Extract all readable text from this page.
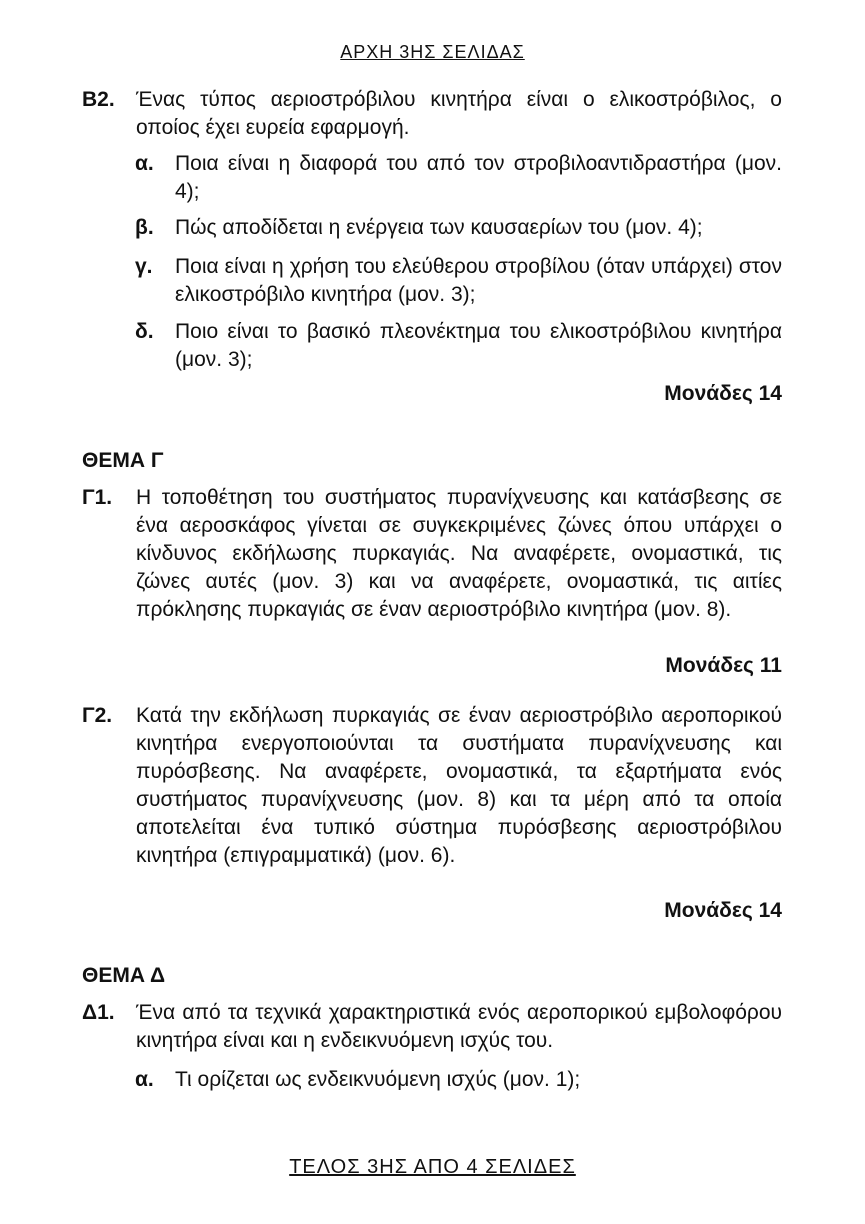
ΑΡΧΗ 3ΗΣ ΣΕΛΙΔΑΣ
Β2. Ένας τύπος αεριοστρόβιλου κινητήρα είναι ο ελικοστρόβιλος, ο οποίος έχει ευρεία εφαρμογή.
α. Ποια είναι η διαφορά του από τον στροβιλοαντιδραστήρα (μον. 4);
β. Πώς αποδίδεται η ενέργεια των καυσαερίων του (μον. 4);
γ. Ποια είναι η χρήση του ελεύθερου στροβίλου (όταν υπάρχει) στον ελικοστρόβιλο κινητήρα (μον. 3);
δ. Ποιο είναι το βασικό πλεονέκτημα του ελικοστρόβιλου κινητήρα (μον. 3);
Μονάδες 14
ΘΕΜΑ Γ
Γ1. Η τοποθέτηση του συστήματος πυρανίχνευσης και κατάσβεσης σε ένα αεροσκάφος γίνεται σε συγκεκριμένες ζώνες όπου υπάρχει ο κίνδυνος εκδήλωσης πυρκαγιάς. Να αναφέρετε, ονομαστικά, τις ζώνες αυτές (μον. 3) και να αναφέρετε, ονομαστικά, τις αιτίες πρόκλησης πυρκαγιάς σε έναν αεριοστρόβιλο κινητήρα (μον. 8).
Μονάδες 11
Γ2. Κατά την εκδήλωση πυρκαγιάς σε έναν αεριοστρόβιλο αεροπορικού κινητήρα ενεργοποιούνται τα συστήματα πυρανίχνευσης και πυρόσβεσης. Να αναφέρετε, ονομαστικά, τα εξαρτήματα ενός συστήματος πυρανίχνευσης (μον. 8) και τα μέρη από τα οποία αποτελείται ένα τυπικό σύστημα πυρόσβεσης αεριοστρόβιλου κινητήρα (επιγραμματικά) (μον. 6).
Μονάδες 14
ΘΕΜΑ Δ
Δ1. Ένα από τα τεχνικά χαρακτηριστικά ενός αεροπορικού εμβολοφόρου κινητήρα είναι και η ενδεικνυόμενη ισχύς του.
α. Τι ορίζεται ως ενδεικνυόμενη ισχύς (μον. 1);
ΤΕΛΟΣ 3ΗΣ ΑΠΟ 4 ΣΕΛΙΔΕΣ
